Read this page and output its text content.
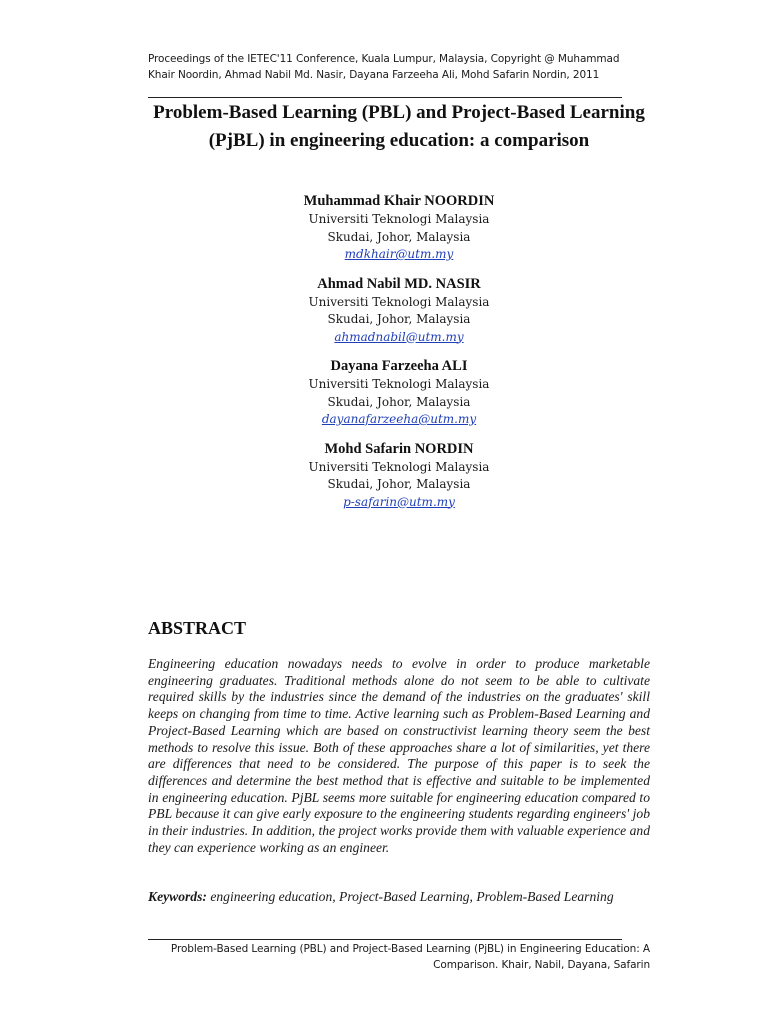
Proceedings of the IETEC'11 Conference, Kuala Lumpur, Malaysia, Copyright @ Muhammad Khair Noordin, Ahmad Nabil Md. Nasir, Dayana Farzeeha Ali, Mohd Safarin Nordin, 2011
Problem-Based Learning (PBL) and Project-Based Learning (PjBL) in engineering education: a comparison
Muhammad Khair NOORDIN
Universiti Teknologi Malaysia
Skudai, Johor, Malaysia
mdkhair@utm.my
Ahmad Nabil MD. NASIR
Universiti Teknologi Malaysia
Skudai, Johor, Malaysia
ahmadnabil@utm.my
Dayana Farzeeha ALI
Universiti Teknologi Malaysia
Skudai, Johor, Malaysia
dayanafarzeeha@utm.my
Mohd Safarin NORDIN
Universiti Teknologi Malaysia
Skudai, Johor, Malaysia
p-safarin@utm.my
ABSTRACT
Engineering education nowadays needs to evolve in order to produce marketable engineering graduates. Traditional methods alone do not seem to be able to cultivate required skills by the industries since the demand of the industries on the graduates' skill keeps on changing from time to time. Active learning such as Problem-Based Learning and Project-Based Learning which are based on constructivist learning theory seem the best methods to resolve this issue. Both of these approaches share a lot of similarities, yet there are differences that need to be considered. The purpose of this paper is to seek the differences and determine the best method that is effective and suitable to be implemented in engineering education. PjBL seems more suitable for engineering education compared to PBL because it can give early exposure to the engineering students regarding engineers' job in their industries. In addition, the project works provide them with valuable experience and they can experience working as an engineer.
Keywords: engineering education, Project-Based Learning, Problem-Based Learning
Problem-Based Learning (PBL) and Project-Based Learning (PjBL) in Engineering Education: A Comparison. Khair, Nabil, Dayana, Safarin
